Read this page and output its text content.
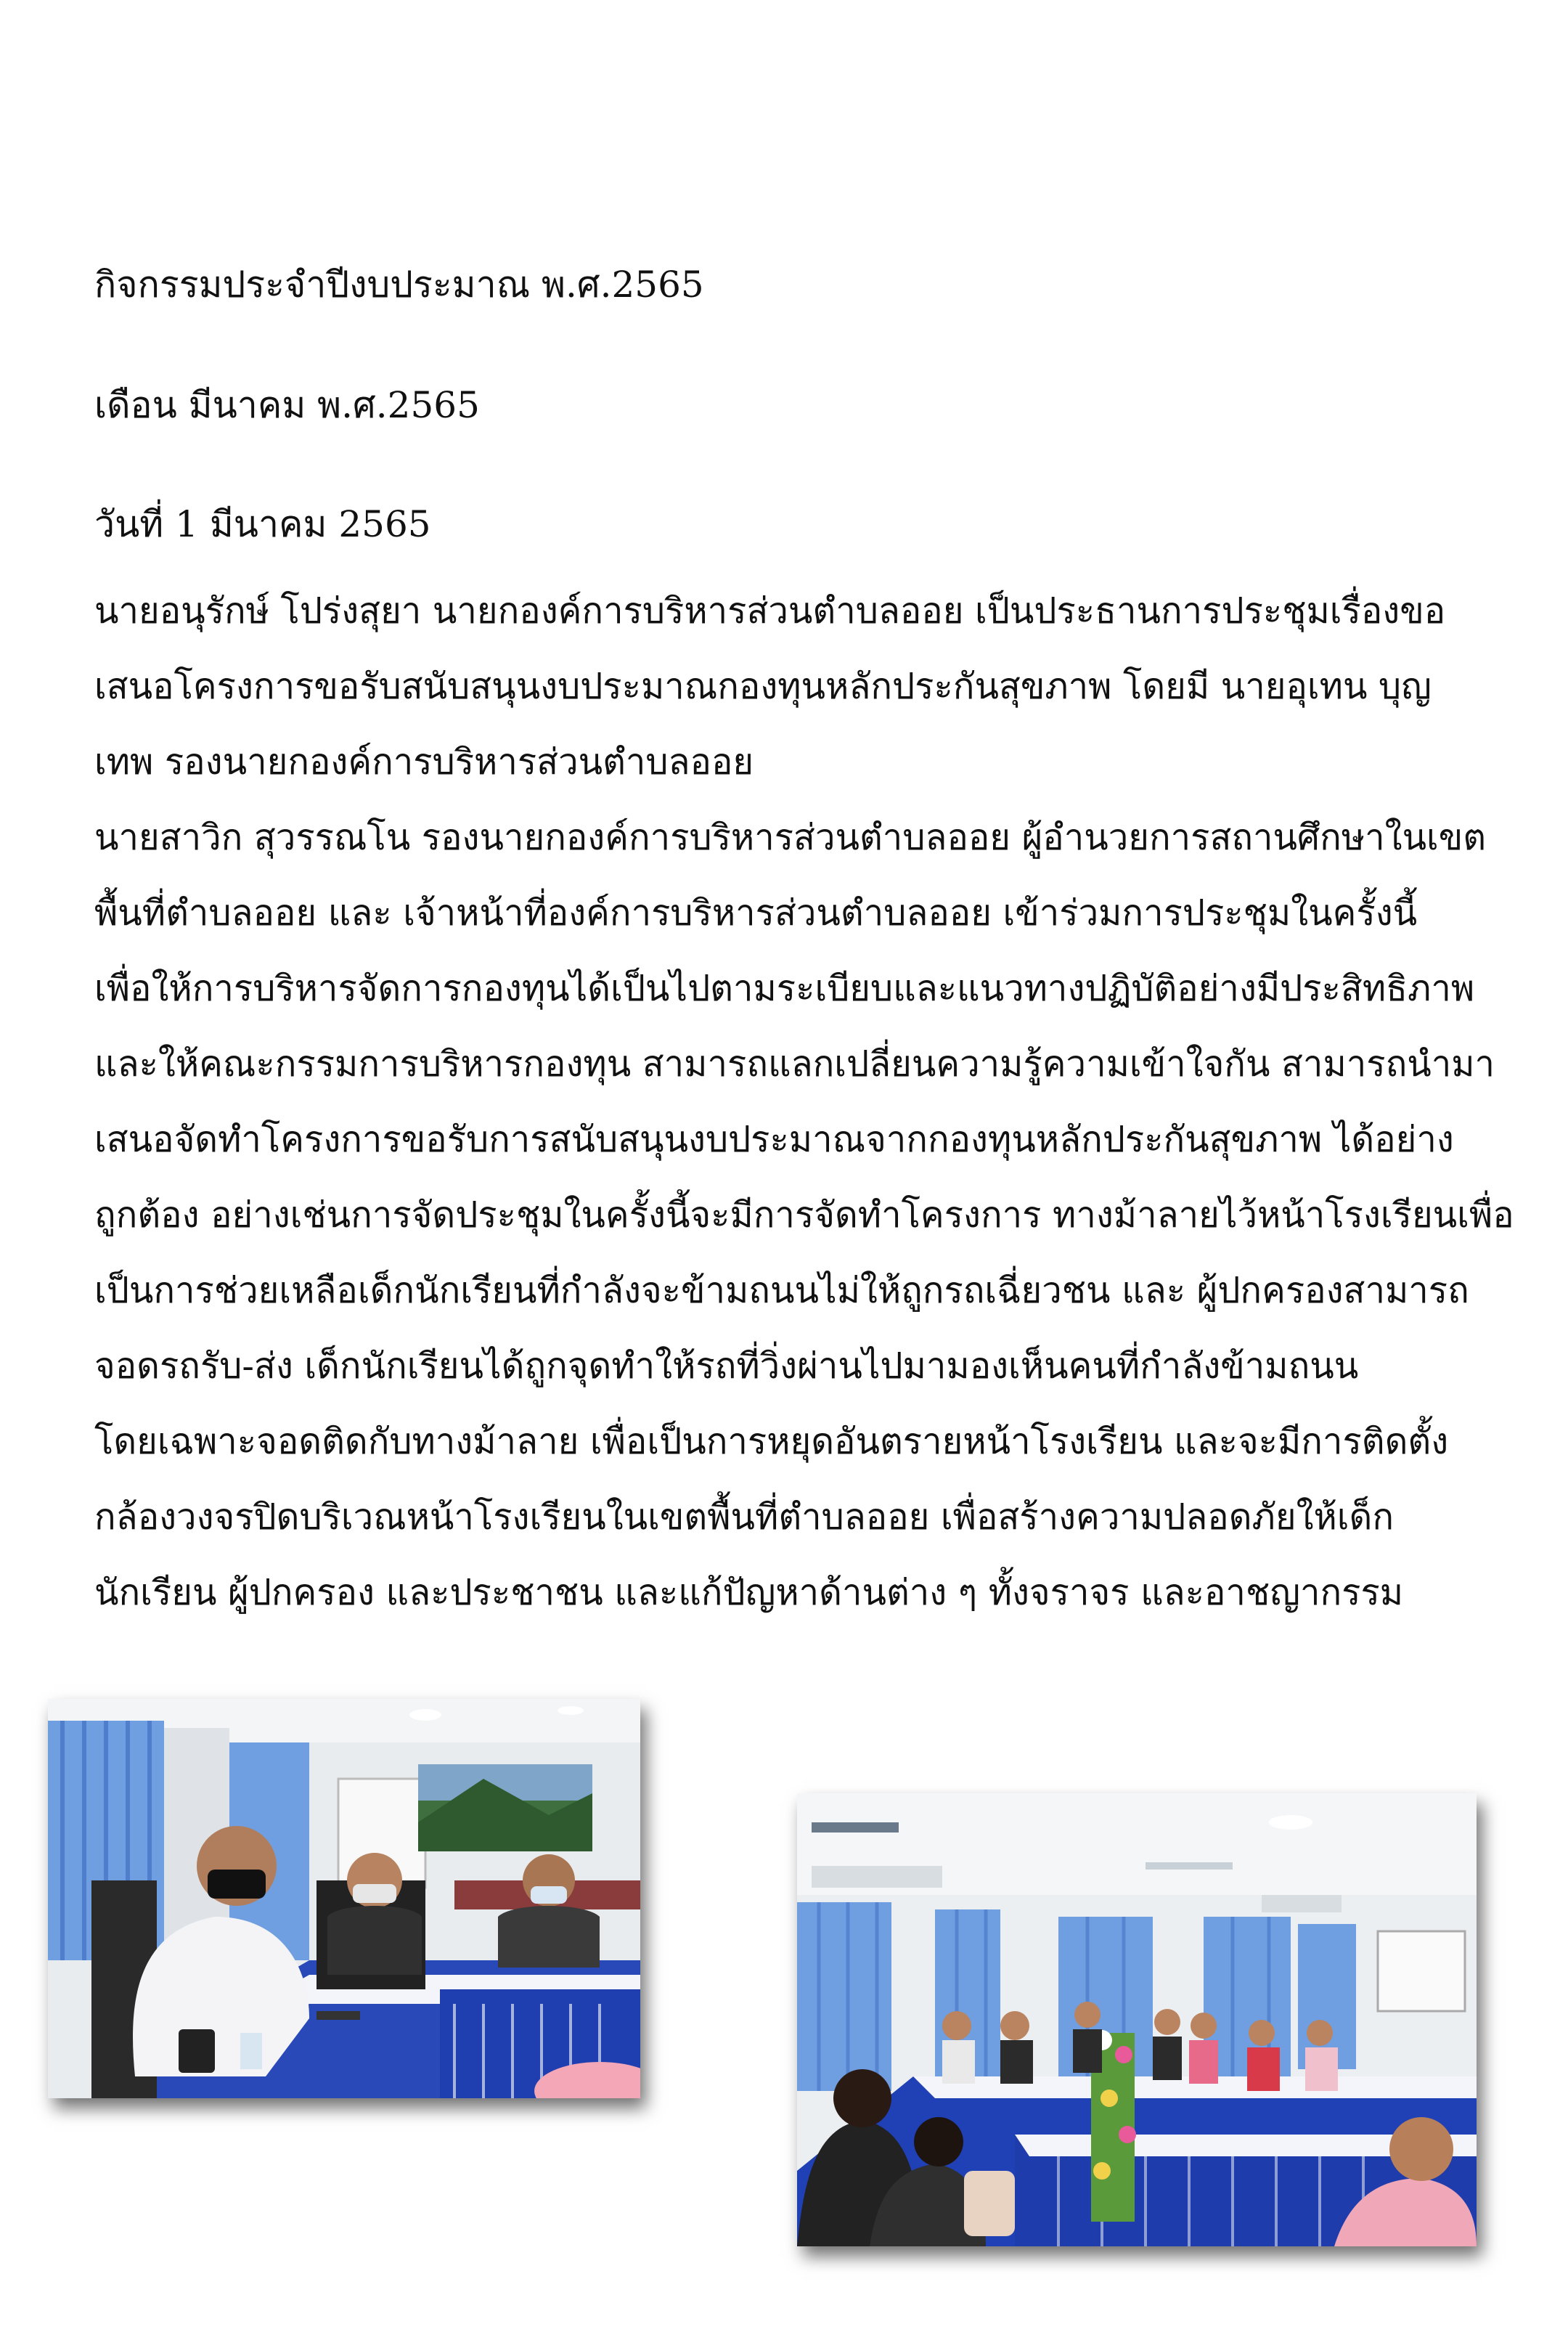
กิจกรรมประจำปีงบประมาณ พ.ศ.2565
เดือน มีนาคม พ.ศ.2565
วันที่ 1 มีนาคม 2565
นายอนุรักษ์ โปร่งสุยา นายกองค์การบริหารส่วนตำบลออย เป็นประธานการประชุมเรื่องขอ
เสนอโครงการขอรับสนับสนุนงบประมาณกองทุนหลักประกันสุขภาพ โดยมี นายอุเทน บุญ
เทพ รองนายกองค์การบริหารส่วนตำบลออย
นายสาวิก สุวรรณโน รองนายกองค์การบริหารส่วนตำบลออย ผู้อำนวยการสถานศึกษาในเขต
พื้นที่ตำบลออย และ เจ้าหน้าที่องค์การบริหารส่วนตำบลออย เข้าร่วมการประชุมในครั้งนี้
เพื่อให้การบริหารจัดการกองทุนได้เป็นไปตามระเบียบและแนวทางปฏิบัติอย่างมีประสิทธิภาพ
และให้คณะกรรมการบริหารกองทุน สามารถแลกเปลี่ยนความรู้ความเข้าใจกัน สามารถนำมา
เสนอจัดทำโครงการขอรับการสนับสนุนงบประมาณจากกองทุนหลักประกันสุขภาพ ได้อย่าง
ถูกต้อง อย่างเช่นการจัดประชุมในครั้งนี้จะมีการจัดทำโครงการ ทางม้าลายไว้หน้าโรงเรียนเพื่อ
เป็นการช่วยเหลือเด็กนักเรียนที่กำลังจะข้ามถนนไม่ให้ถูกรถเฉี่ยวชน และ ผู้ปกครองสามารถ
จอดรถรับ-ส่ง เด็กนักเรียนได้ถูกจุดทำให้รถที่วิ่งผ่านไปมามองเห็นคนที่กำลังข้ามถนน
โดยเฉพาะจอดติดกับทางม้าลาย เพื่อเป็นการหยุดอันตรายหน้าโรงเรียน และจะมีการติดตั้ง
กล้องวงจรปิดบริเวณหน้าโรงเรียนในเขตพื้นที่ตำบลออย เพื่อสร้างความปลอดภัยให้เด็ก
นักเรียน ผู้ปกครอง และประชาชน และแก้ปัญหาด้านต่าง ๆ ทั้งจราจร และอาชญากรรม
